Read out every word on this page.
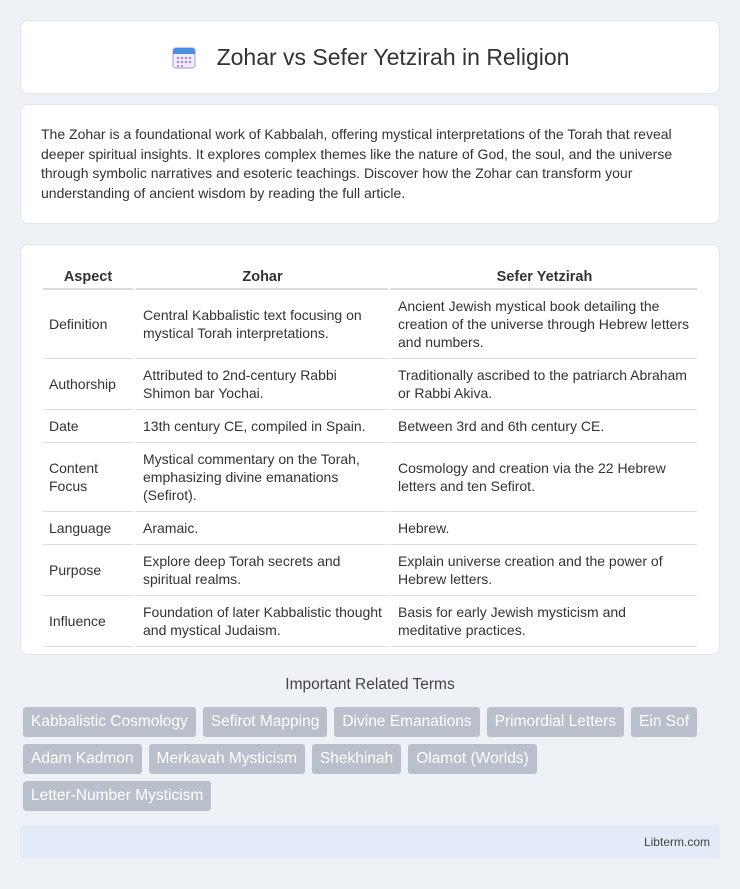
Zohar vs Sefer Yetzirah in Religion

The Zohar is a foundational work of Kabbalah, offering mystical interpretations of the Torah that reveal deeper spiritual insights. It explores complex themes like the nature of God, the soul, and the universe through symbolic narratives and esoteric teachings. Discover how the Zohar can transform your understanding of ancient wisdom by reading the full article.

Aspect	Zohar	Sefer Yetzirah
Definition	Central Kabbalistic text focusing on mystical Torah interpretations.	Ancient Jewish mystical book detailing the creation of the universe through Hebrew letters and numbers.
Authorship	Attributed to 2nd-century Rabbi Shimon bar Yochai.	Traditionally ascribed to the patriarch Abraham or Rabbi Akiva.
Date	13th century CE, compiled in Spain.	Between 3rd and 6th century CE.
Content Focus	Mystical commentary on the Torah, emphasizing divine emanations (Sefirot).	Cosmology and creation via the 22 Hebrew letters and ten Sefirot.
Language	Aramaic.	Hebrew.
Purpose	Explore deep Torah secrets and spiritual realms.	Explain universe creation and the power of Hebrew letters.
Influence	Foundation of later Kabbalistic thought and mystical Judaism.	Basis for early Jewish mysticism and meditative practices.
Important Related Terms
Kabbalistic Cosmology	Sefirot Mapping	Divine Emanations	Primordial Letters	Ein Sof
Adam Kadmon	Merkavah Mysticism	Shekhinah	Olamot (Worlds)
Letter-Number Mysticism
Libterm.com
